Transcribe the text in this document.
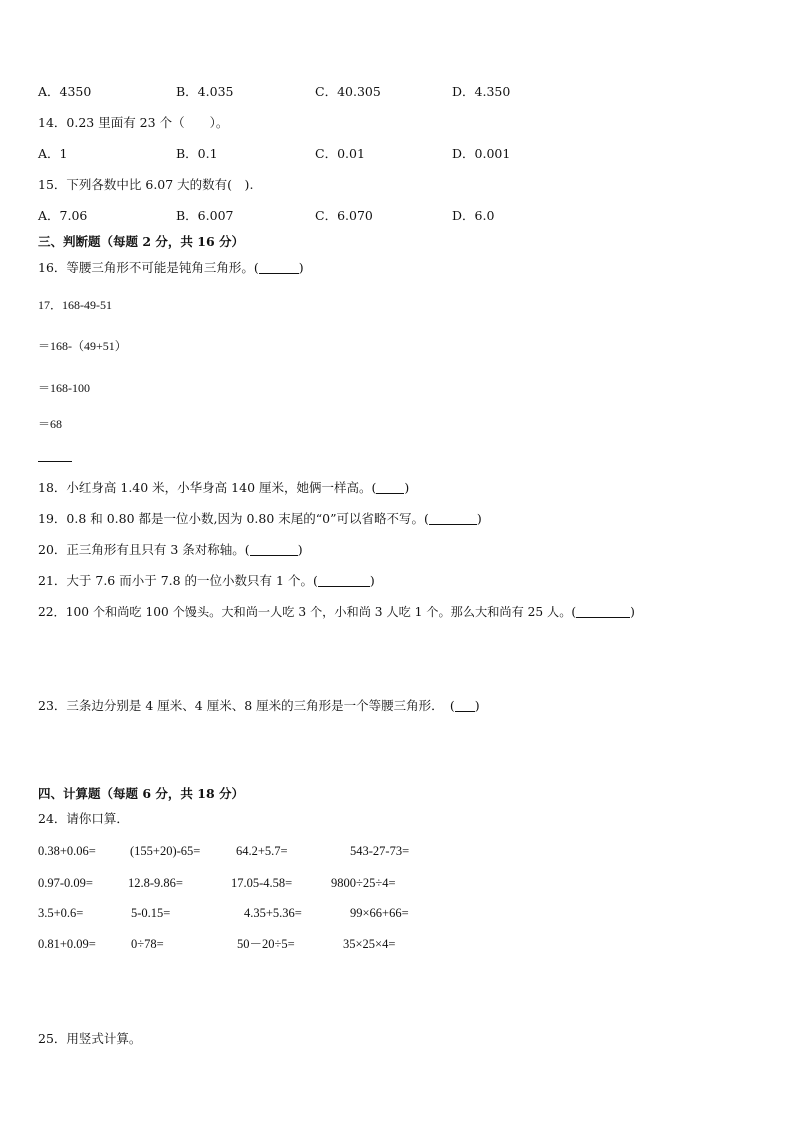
A．4350	B．4.035	C．40.305	D．4.350
14．0.23 里面有 23 个（　　）。
A．1	B．0.1	C．0.01	D．0.001
15．下列各数中比 6.07 大的数有(　).
A．7.06	B．6.007	C．6.070	D．6.0
三、判断题（每题 2 分，共 16 分）
16．等腰三角形不可能是钝角三角形。(	)
17．168-49-51
＝168-（49+51）
＝168-100
＝68
18．小红身高 1.40 米，小华身高 140 厘米，她俩一样高。( )
19．0.8 和 0.80 都是一位小数,因为 0.80 末尾的“0”可以省略不写。(	)
20．正三角形有且只有 3 条对称轴。(	)
21．大于 7.6 而小于 7.8 的一位小数只有 1 个。(	)
22．100 个和尚吃 100 个馒头。大和尚一人吃 3 个，小和尚 3 人吃 1 个。那么大和尚有 25 人。(	)
23．三条边分别是 4 厘米、4 厘米、8 厘米的三角形是一个等腰三角形．　( )
四、计算题（每题 6 分，共 18 分）
24．请你口算．
0.38+0.06=	(155+20)-65=	64.2+5.7=	543-27-73=
0.97-0.09=	12.8-9.86=	17.05-4.58=	9800÷25÷4=
3.5+0.6=	5-0.15=	4.35+5.36=	99×66+66=
0.81+0.09=	0÷78=	50－20÷5=	35×25×4=
25．用竖式计算。
